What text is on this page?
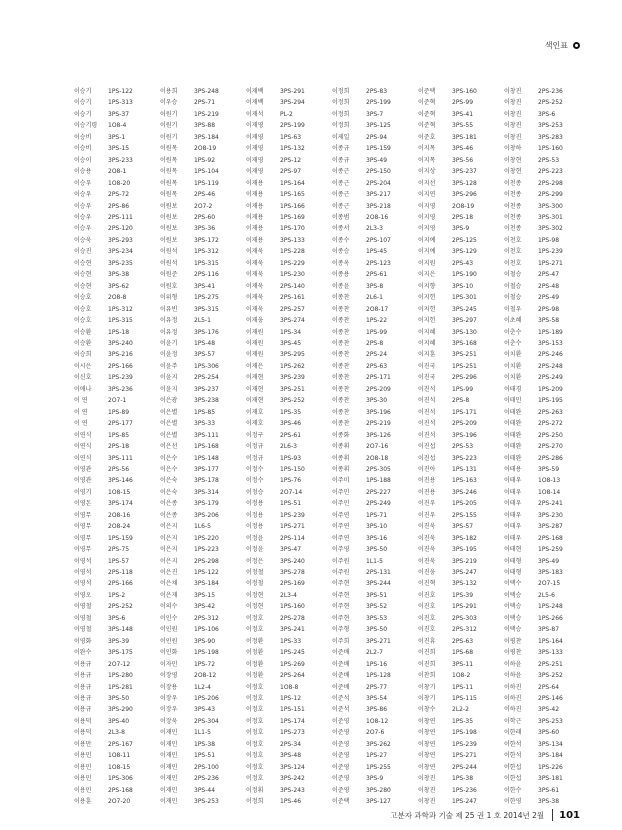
색인표
이승기	1PS-122	이용희	3PS-248	이재백	3PS-291	이정희	2PS-83	이준택	3PS-160	이창진	2PS-236
이승기	1PS-313	이우승	2PS-71	이재백	3PS-294	이정희	2PS-199	이준혁	2PS-99	이창진	2PS-252
이승기	3PS-37	이원기	1PS-219	이재석	PL-2	이정희	3PS-7	이준혁	3PS-41	이창진	3PS-6
이승기령	1O8-4	이원기	3PS-88	이재영	2PS-199	이정희	3PS-125	이준혁	3PS-55	이창진	3PS-253
이승비	3PS-1	이원기	3PS-184	이재영	1PS-63	이제일	2PS-94	이준호	3PS-181	이창진	3PS-283
이승비	3PS-15	이원목	2O8-19	이재영	1PS-132	이종규	1PS-159	이지목	3PS-46	이창하	1PS-160
이승이	3PS-233	이원목	1PS-92	이재영	2PS-12	이종규	3PS-49	이지목	3PS-56	이창현	2PS-53
이승용	2O8-1	이원목	1PS-104	이재영	2PS-97	이종근	2PS-150	이지상	3PS-237	이창현	2PS-223
이승우	1O8-20	이원목	1PS-119	이재용	1PS-164	이종근	2PS-204	이지선	3PS-128	이천종	2PS-298
이승우	2PS-72	이원목	2PS-46	이재용	1PS-165	이종근	3PS-217	이지연	3PS-296	이천종	2PS-299
이승우	2PS-86	이원보	2O7-2	이재용	1PS-166	이종근	3PS-218	이지영	2O8-19	이천종	3PS-300
이승우	2PS-111	이원보	2PS-60	이재용	1PS-169	이종범	2O8-16	이지영	2PS-18	이천종	3PS-301
이승우	2PS-120	이원보	3PS-36	이재용	1PS-170	이종서	2L3-3	이지영	3PS-9	이천종	3PS-302
이승욱	3PS-293	이원보	3PS-172	이재용	3PS-133	이종수	2PS-107	이지예	2PS-125	이천호	1PS-98
이승진	3PS-234	이원석	1PS-312	이재욱	1PS-228	이종승	1PS-45	이지예	3PS-129	이천호	1PS-239
이승현	3PS-235	이원석	1PS-315	이재욱	1PS-229	이종옥	2PS-123	이지원	2PS-43	이천호	1PS-271
이승현	3PS-38	이원준	2PS-116	이재욱	1PS-230	이종용	2PS-61	이지은	1PS-190	이철승	2PS-47
이승현	3PS-62	이원호	3PS-41	이재욱	2PS-140	이종윤	3PS-8	이지향	3PS-10	이철승	2PS-48
이승호	2O8-8	이위형	1PS-275	이재욱	2PS-161	이종찬	2L6-1	이지헌	1PS-301	이철승	2PS-49
이승호	1PS-312	이유빈	3PS-315	이재욱	2PS-257	이종찬	2O8-17	이지헌	3PS-245	이철우	2PS-98
이승호	1PS-315	이유정	2L5-1	이재웅	3PS-274	이종찬	1PS-22	이지헌	3PS-297	이초혜	3PS-58
이승환	1PS-18	이유정	3PS-176	이재원	1PS-34	이종찬	1PS-99	이지혜	3PS-130	이춘수	1PS-189
이승환	3PS-240	이윤기	1PS-48	이재원	3PS-45	이종찬	2PS-8	이지혜	3PS-168	이춘수	3PS-153
이승희	3PS-216	이윤정	3PS-57	이재원	3PS-295	이종찬	2PS-24	이지훈	3PS-251	이치환	2PS-246
이시은	2PS-166	이윤주	1PS-306	이재은	1PS-262	이종찬	2PS-63	이진국	1PS-251	이치환	2PS-248
이신호	1PS-239	이윤지	2PS-254	이재현	3PS-239	이종찬	2PS-171	이진국	2PS-296	이치환	2PS-249
이애나	3PS-236	이윤지	3PS-237	이재현	3PS-251	이종찬	2PS-209	이진석	1PS-99	이태경	1PS-209
이 연	2O7-1	이은광	3PS-238	이재현	3PS-252	이종찬	3PS-30	이진석	2PS-8	이태민	1PS-195
이 연	1PS-89	이은별	1PS-85	이재호	1PS-35	이종찬	3PS-196	이진석	1PS-171	이태완	2PS-263
이 연	2PS-177	이은별	3PS-33	이재호	3PS-46	이종찬	2PS-219	이진석	2PS-209	이태완	2PS-272
이연식	1PS-85	이은별	3PS-111	이정구	2PS-61	이종화	3PS-126	이진석	3PS-196	이태완	2PS-250
이연식	2PS-18	이은선	1PS-168	이정규	2L6-3	이종휘	2O7-16	이진섭	2PS-53	이태완	2PS-270
이연식	3PS-111	이은수	1PS-148	이정규	1PS-93	이종휘	2O8-18	이진섭	3PS-223	이태완	2PS-286
이영관	2PS-56	이은수	3PS-177	이정수	1PS-150	이종휘	2PS-305	이진아	1PS-131	이태용	3PS-59
이영관	3PS-146	이은숙	3PS-178	이정수	1PS-76	이주미	1PS-188	이진용	1PS-163	이태우	1O8-13
이영기	1O8-15	이은숙	3PS-314	이정승	2O7-14	이주민	2PS-227	이진용	3PS-246	이태우	1O8-14
이영돈	3PS-174	이은종	3PS-179	이정용	1PS-51	이주민	2PS-249	이진우	1PS-205	이태우	2PS-241
이영무	2O8-16	이은종	3PS-206	이정용	1PS-239	이주연	1PS-71	이진우	2PS-155	이태우	3PS-230
이영무	2O8-24	이은지	1L6-5	이정용	1PS-271	이주연	3PS-10	이진욱	3PS-57	이태우	3PS-287
이영무	1PS-159	이은지	1PS-220	이정윤	2PS-114	이주연	3PS-16	이진욱	3PS-182	이태우	2PS-168
이영무	2PS-75	이은지	1PS-223	이정윤	3PS-47	이주영	3PS-50	이진욱	3PS-195	이태현	1PS-259
이영석	1PS-57	이은지	2PS-298	이정은	3PS-240	이주원	1L1-5	이진욱	3PS-219	이태형	3PS-49
이영석	2PS-118	이은진	1PS-122	이정철	3PS-278	이주원	2PS-131	이진웅	3PS-247	이태형	3PS-183
이영석	2PS-166	이은채	3PS-184	이정철	2PS-169	이주현	3PS-244	이진혁	3PS-132	이택수	2O7-15
이영오	1PS-2	이은재	3PS-15	이정현	2L3-4	이주현	3PS-51	이진호	1PS-39	이택승	2L5-6
이영철	2PS-252	이의수	3PS-42	이정현	1PS-160	이주현	3PS-52	이진호	1PS-291	이택승	1PS-248
이영철	3PS-6	이인수	2PS-312	이정호	2PS-278	이주현	3PS-53	이진호	2PS-303	이택승	1PS-266
이영철	3PS-148	이인원	1PS-106	이정호	3PS-241	이주형	3PS-50	이진호	2PS-312	이택승	3PS-87
이영화	3PS-39	이인원	3PS-90	이정환	1PS-33	이주희	3PS-271	이진휴	2PS-63	이평찬	1PS-164
이완수	3PS-175	이인화	1PS-198	이정환	1PS-245	이준배	2L2-7	이진희	1PS-68	이평찬	3PS-133
이용규	2O7-12	이자민	1PS-72	이정환	1PS-269	이준배	1PS-16	이진희	3PS-11	이하윤	2PS-251
이용규	1PS-280	이장영	2O8-12	이정환	2PS-264	이준배	1PS-128	이찬희	1O8-2	이하윤	3PS-252
이용규	1PS-281	이장용	1L2-4	이정호	1O8-8	이준배	2PS-77	이창기	1PS-11	이하진	2PS-64
이용규	3PS-50	이장우	1PS-206	이정호	1PS-12	이준석	3PS-54	이창기	1PS-115	이하진	2PS-146
이용규	3PS-290	이장우	3PS-43	이정호	1PS-151	이준석	3PS-86	이창수	2L2-2	이하진	3PS-42
이용덕	3PS-40	이장욱	2PS-304	이정호	1PS-174	이준영	1O8-12	이창연	1PS-35	이학근	3PS-253
이용덕	2L3-8	이재민	1L1-5	이정호	1PS-273	이준영	2O7-6	이창연	1PS-198	이한래	3PS-60
이용만	2PS-167	이재민	1PS-38	이정호	2PS-34	이준영	3PS-262	이창연	1PS-239	이한석	3PS-134
이용민	1O8-11	이재민	1PS-51	이정호	3PS-48	이준영	1PS-27	이창연	1PS-271	이한석	3PS-184
이용민	1O8-15	이재민	2PS-100	이정호	3PS-124	이준영	1PS-255	이창연	2PS-244	이한섭	1PS-226
이용민	1PS-306	이재민	2PS-236	이정호	3PS-242	이준영	3PS-9	이창진	1PS-38	이한섭	3PS-181
이용민	2PS-168	이재민	3PS-44	이정휘	3PS-243	이준영	3PS-280	이창진	1PS-236	이한수	3PS-61
이용훈	2O7-20	이재민	3PS-253	이정희	1PS-46	이준택	3PS-127	이창진	1PS-247	이한영	3PS-38
고분자 과학과 기술 제 25 권 1 호 2014년 2월 101
